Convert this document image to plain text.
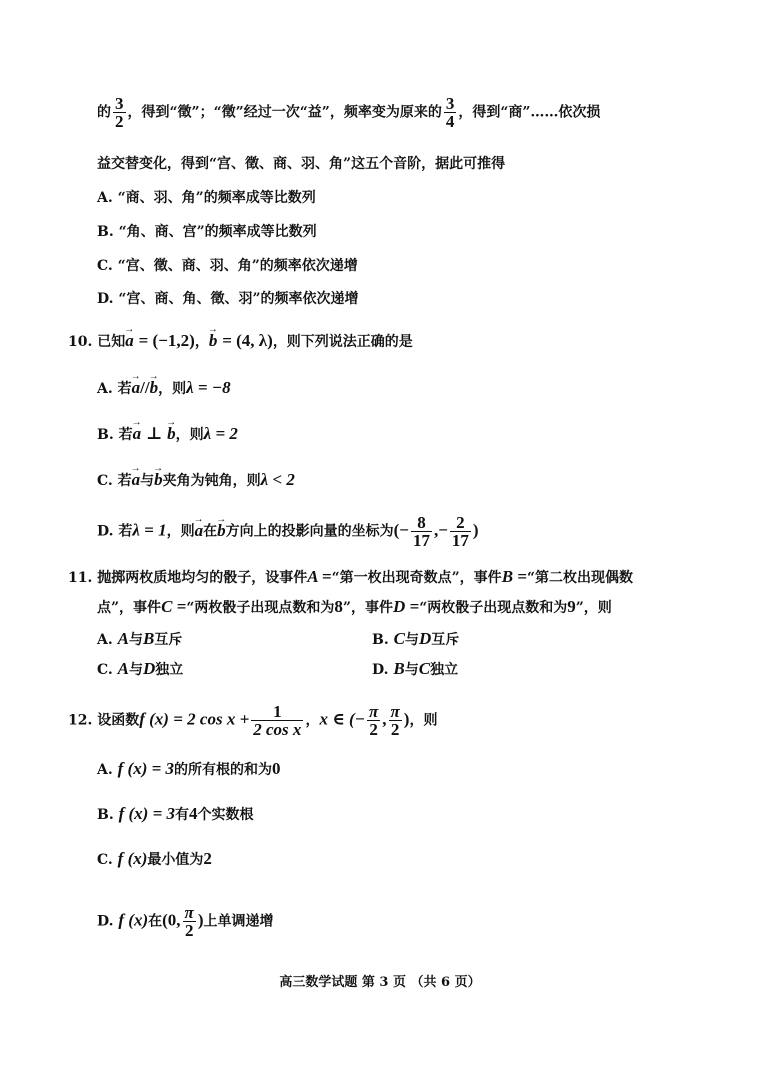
的 $\frac{3}{2}$ ，得到“徵”；“徵”经过一次“益”，频率变为原来的 $\frac{3}{4}$ ，得到“商”……依次损
益交替变化，得到“宫、徵、商、羽、角”这五个音阶，据此可推得
A. “商、羽、角”的频率成等比数列
B. “角、商、宫”的频率成等比数列
C. “宫、徵、商、羽、角”的频率依次递增
D. “宫、商、角、徵、羽”的频率依次递增
10. 已知→ a = (−1,2)，→ b = (4, λ)，则下列说法正确的是
A. 若→ a//→ b，则λ = −8
B. 若→ a ⊥ → b，则λ = 2
C. 若→ a与→ b夹角为钝角，则λ < 2
D. 若λ = 1，则→ a在→ b方向上的投影向量的坐标为(− $\frac{8}{17}$ ,− $\frac{2}{17}$ )
11. 抛掷两枚质地均匀的骰子，设事件A =“第一枚出现奇数点”，事件B =“第二枚出现偶数
点”，事件C =“两枚骰子出现点数和为8”，事件D =“两枚骰子出现点数和为9”，则
A. A与B互斥	B. C与D互斥
C. A与D独立	D. B与C独立
12. 设函数f (x) = 2 $\cos x + \frac{1}{\text{2 cos x}}$ ，x ∈ (− $\frac{\pi}{2}$ , $\frac{\pi}{2}$ )，则
A. f (x) = 3的所有根的和为0
B. f (x) = 3有4个实数根
C. f (x)最小值为2
D. f (x)在(0, $\frac{\pi}{2}$ )上单调递增
高三数学试题 第 3 页 （共 6 页）
